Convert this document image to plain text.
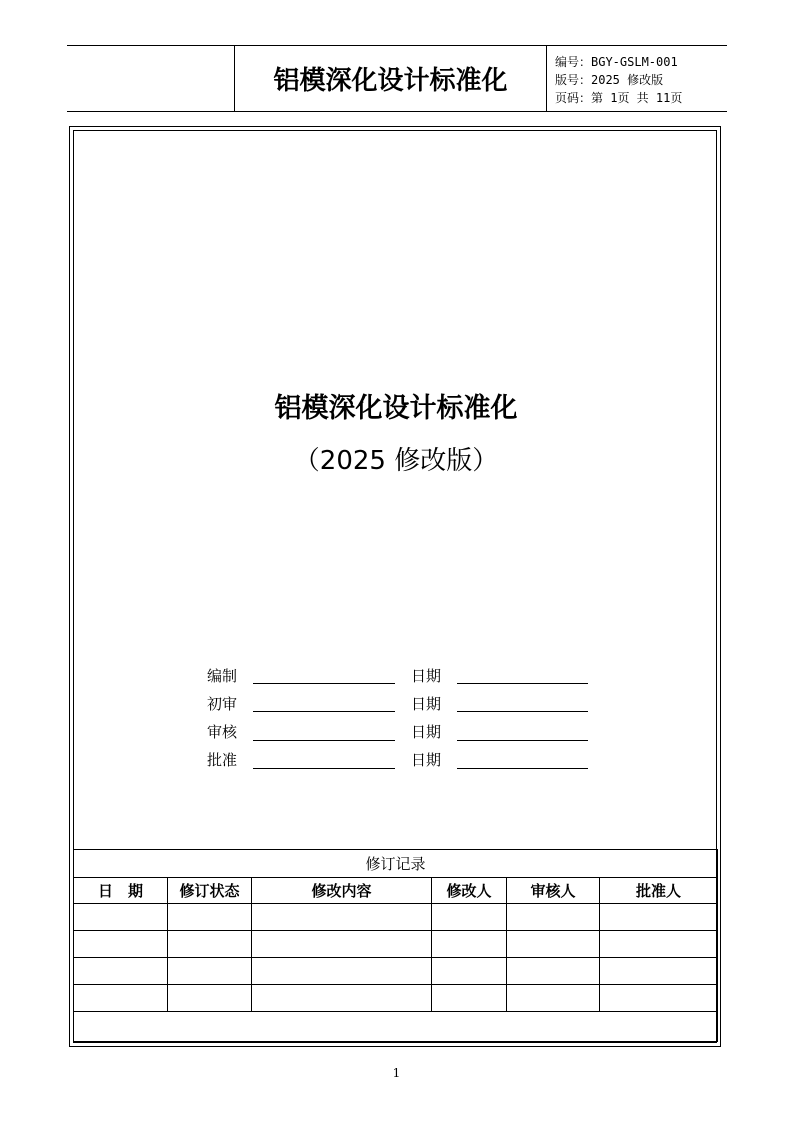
铝模深化设计标准化
编号：BGY-GSLM-001
版号：2025 修改版
页码：第 1页 共 11页
铝模深化设计标准化
（2025 修改版）
编制	日期
初审	日期
审核	日期
批准	日期
修订记录					
日　期	修订状态	修改内容	修改人	审核人	批准人

1
